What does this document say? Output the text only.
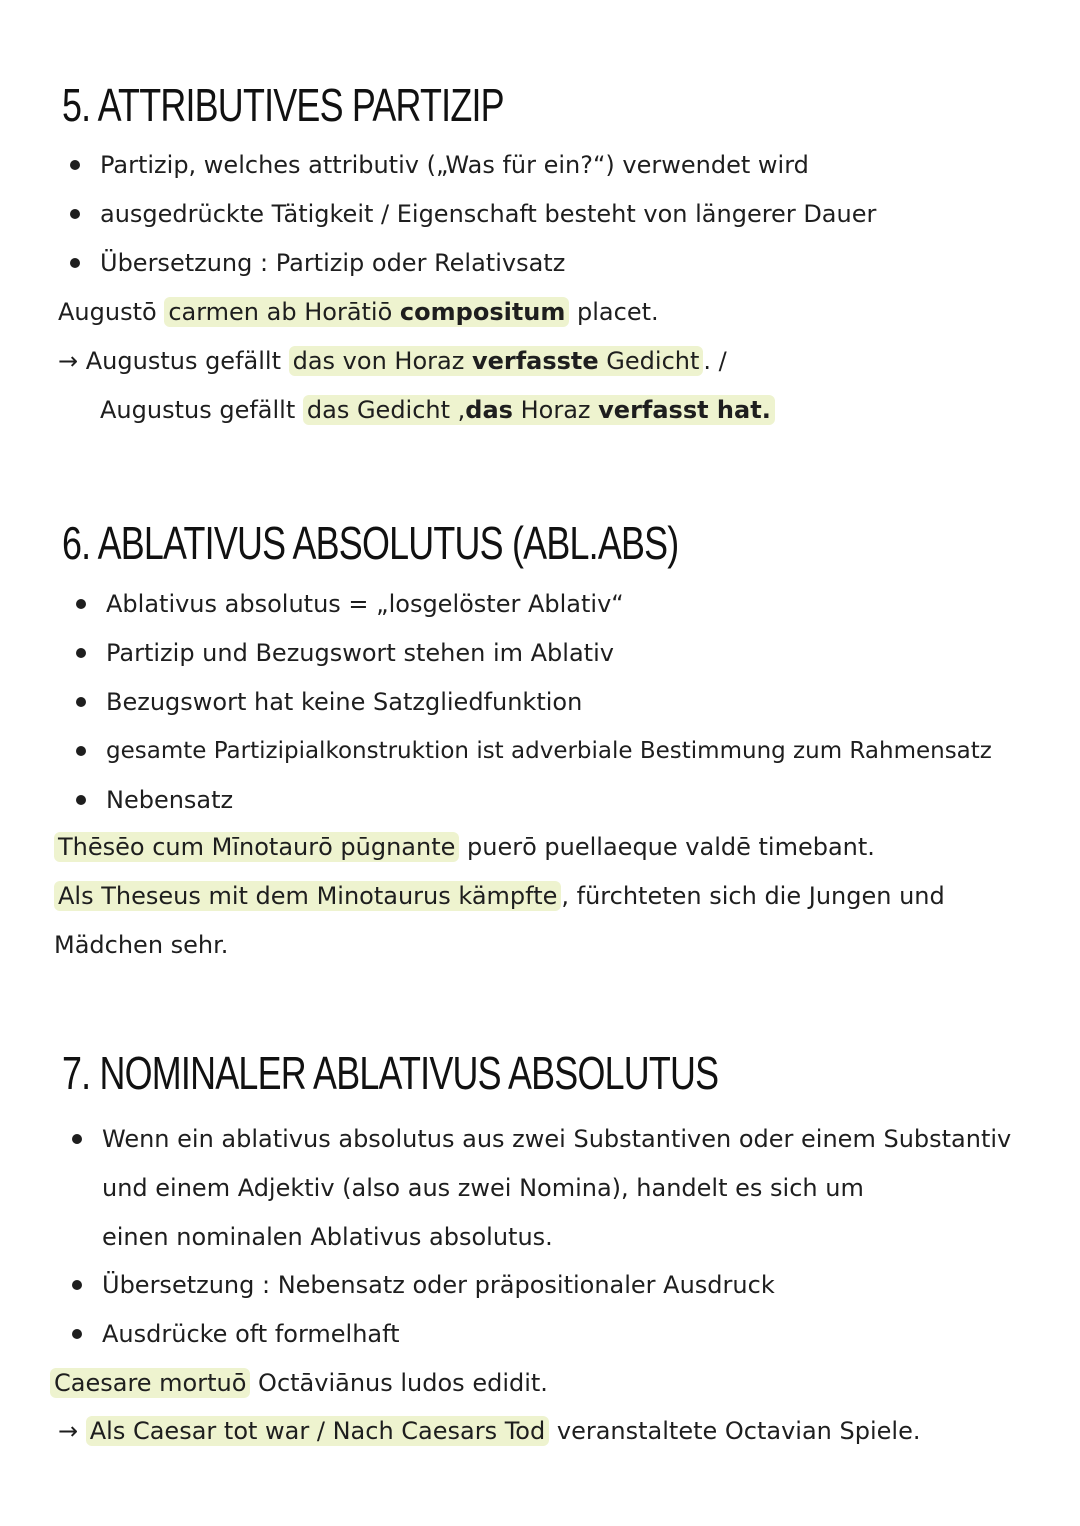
5. ATTRIBUTIVES PARTIZIP
Partizip, welches attributiv („Was für ein?“) verwendet wird
ausgedrückte Tätigkeit / Eigenschaft besteht von längerer Dauer
Übersetzung : Partizip oder Relativsatz
Augustō carmen ab Horātiō compositum placet.
→ Augustus gefällt das von Horaz verfasste Gedicht . /
Augustus gefällt das Gedicht ,das Horaz verfasst hat.
6. ABLATIVUS ABSOLUTUS (ABL.ABS)
Ablativus absolutus = „losgelöster Ablativ“
Partizip und Bezugswort stehen im Ablativ
Bezugswort hat keine Satzgliedfunktion
gesamte Partizipialkonstruktion ist adverbiale Bestimmung zum Rahmensatz
Nebensatz
Thēsēo cum Mīnotaurō pūgnante puerō puellaeque valdē timebant.
Als Theseus mit dem Minotaurus kämpfte , fürchteten sich die Jungen und
Mädchen sehr.
7. NOMINALER ABLATIVUS ABSOLUTUS
Wenn ein ablativus absolutus aus zwei Substantiven oder einem Substantiv
und einem Adjektiv (also aus zwei Nomina), handelt es sich um
einen nominalen Ablativus absolutus.
Übersetzung : Nebensatz oder präpositionaler Ausdruck
Ausdrücke oft formelhaft
Caesare mortuō Octāviānus ludos edidit.
→ Als Caesar tot war / Nach Caesars Tod veranstaltete Octavian Spiele.
